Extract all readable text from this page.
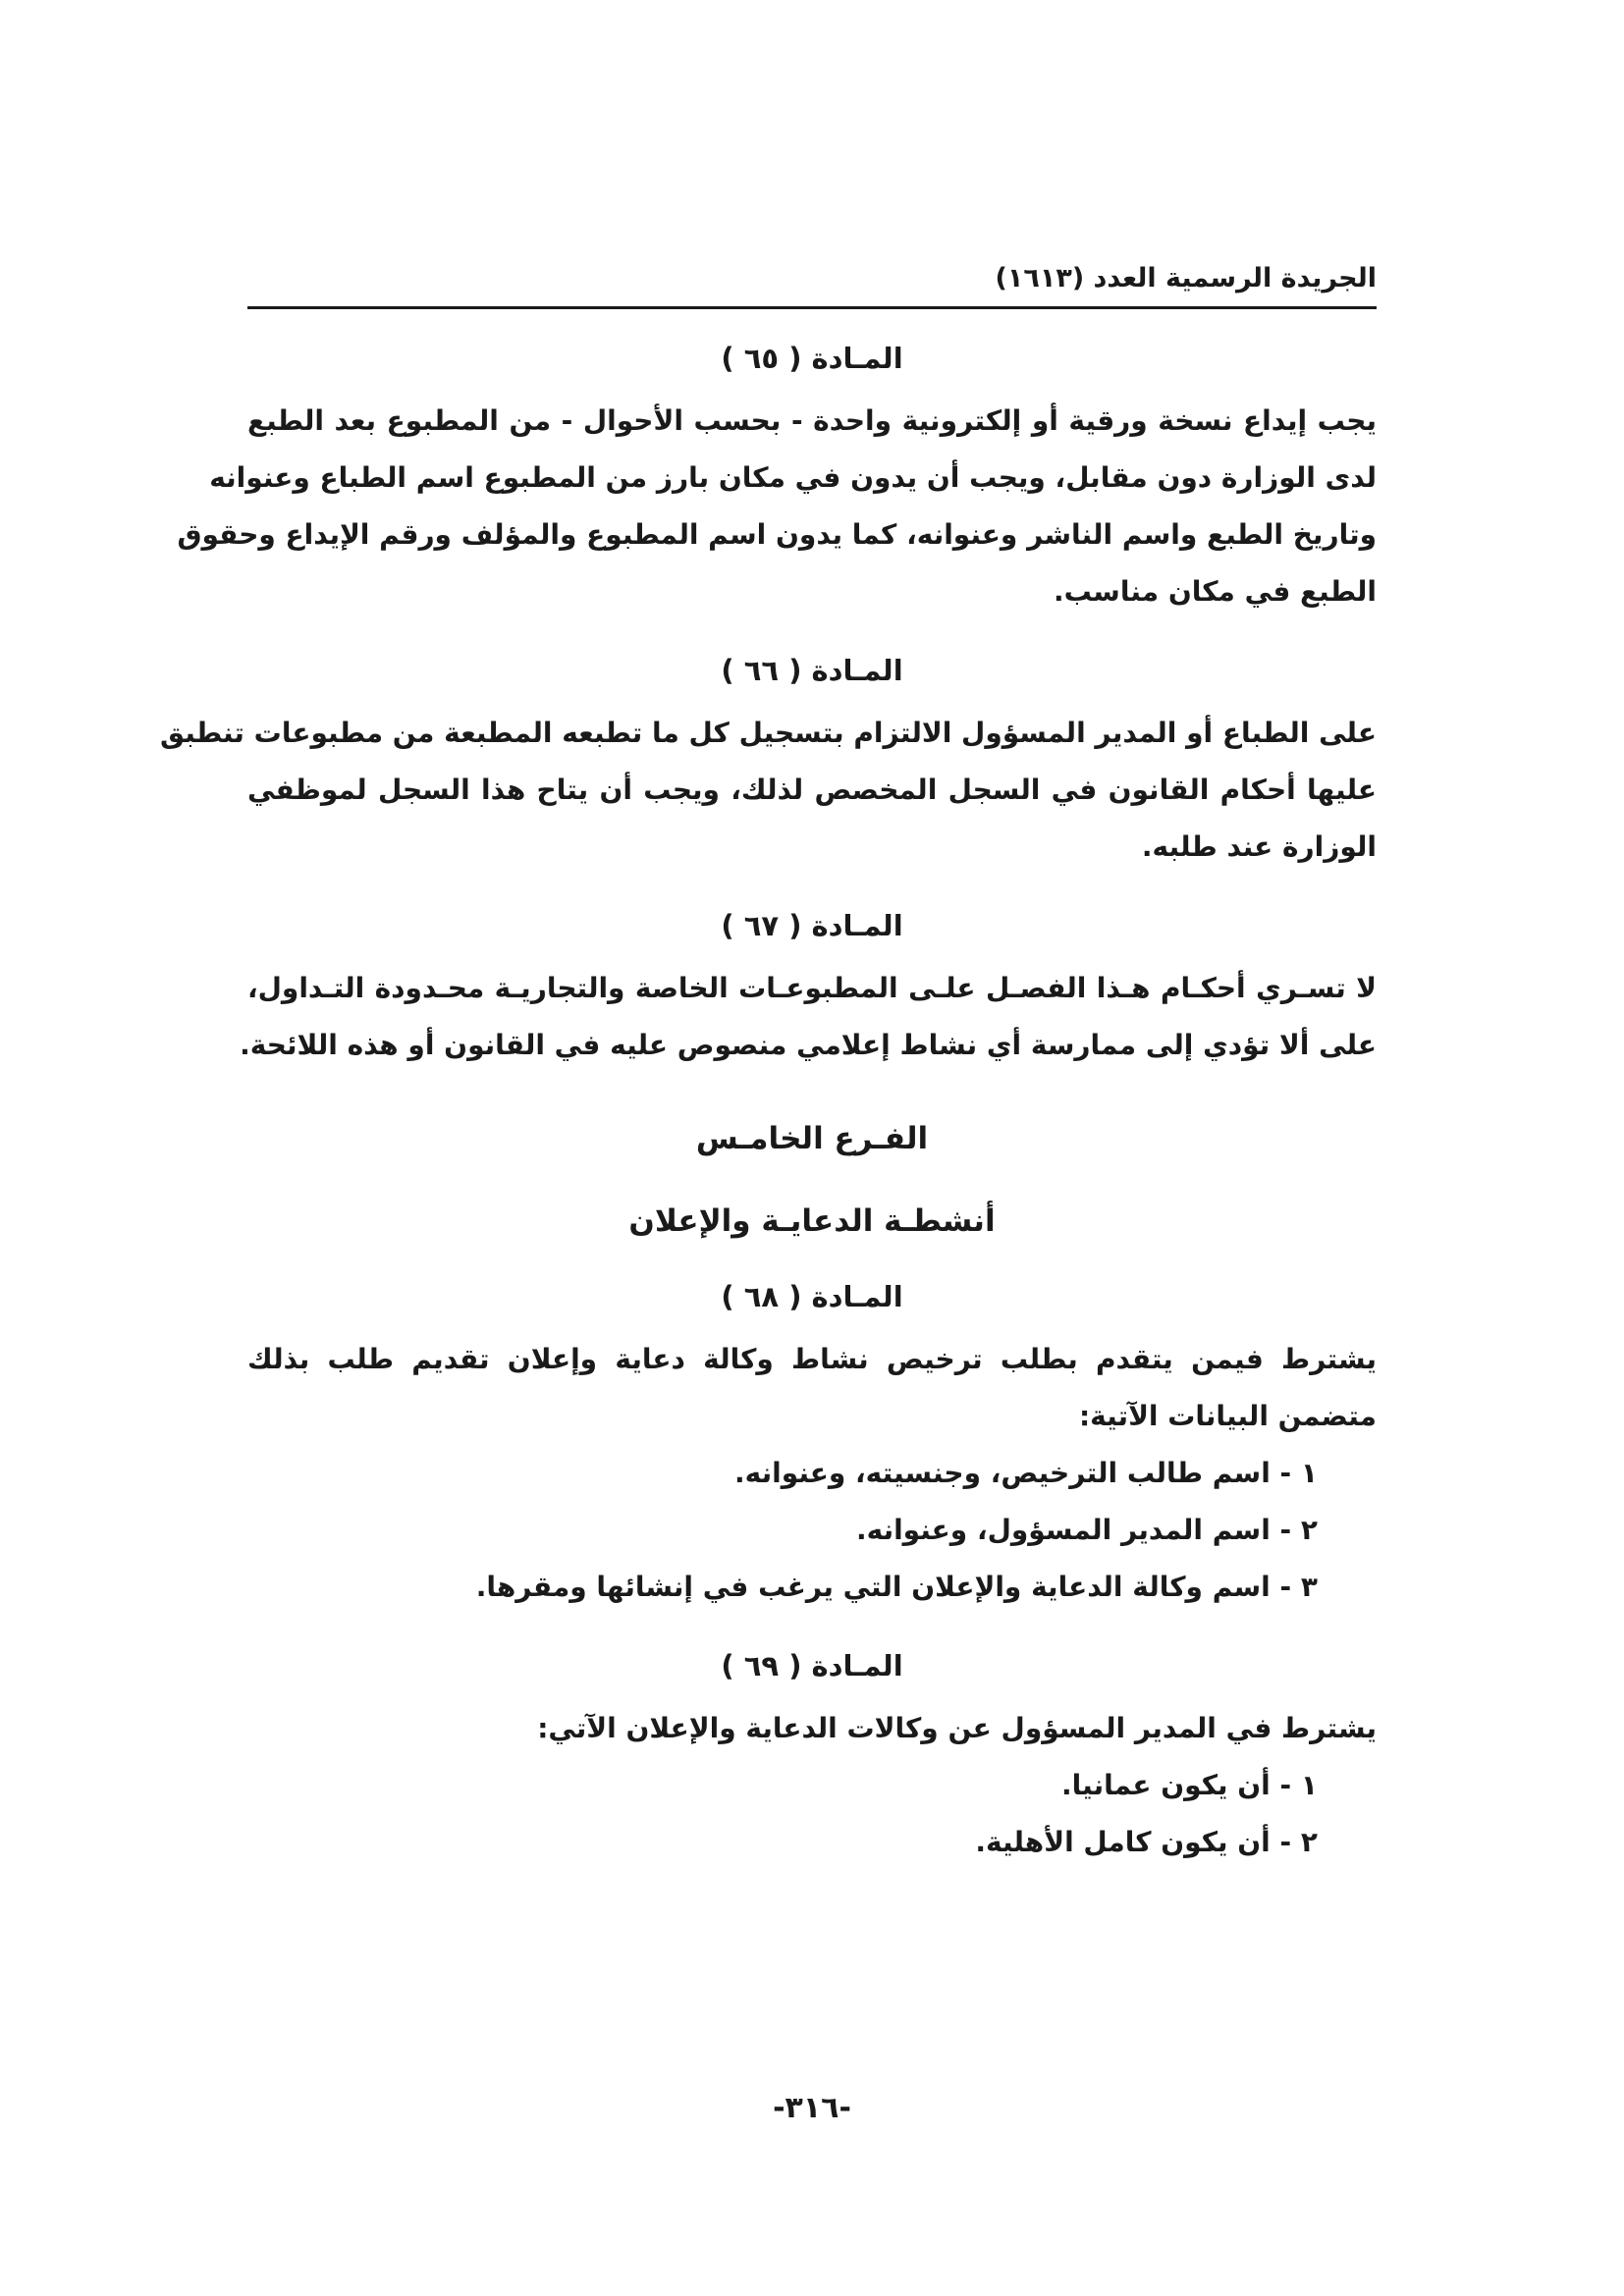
الجريدة الرسمية العدد (١٦١٣)
المـادة ( ٦٥ )
يجب إيداع نسخة ورقية أو إلكترونية واحدة - بحسب الأحوال - من المطبوع بعد الطبع
لدى الوزارة دون مقابل، ويجب أن يدون في مكان بارز من المطبوع اسم الطباع وعنوانه
وتاريخ الطبع واسم الناشر وعنوانه، كما يدون اسم المطبوع والمؤلف ورقم الإيداع وحقوق
الطبع في مكان مناسب.
المـادة ( ٦٦ )
على الطباع أو المدير المسؤول الالتزام بتسجيل كل ما تطبعه المطبعة من مطبوعات تنطبق
عليها أحكام القانون في السجل المخصص لذلك، ويجب أن يتاح هذا السجل لموظفي
الوزارة عند طلبه.
المـادة ( ٦٧ )
لا تسـري أحكـام هـذا الفصـل علـى المطبوعـات الخاصة والتجاريـة محـدودة التـداول،
على ألا تؤدي إلى ممارسة أي نشاط إعلامي منصوص عليه في القانون أو هذه اللائحة.
الفـرع الخامـس
أنشطـة الدعايـة والإعلان
المـادة ( ٦٨ )
يشترط فيمن يتقدم بطلب ترخيص نشاط وكالة دعاية وإعلان تقديم طلب بذلك
متضمن البيانات الآتية:
١ - اسم طالب الترخيص، وجنسيته، وعنوانه.
٢ - اسم المدير المسؤول، وعنوانه.
٣ - اسم وكالة الدعاية والإعلان التي يرغب في إنشائها ومقرها.
المـادة ( ٦٩ )
يشترط في المدير المسؤول عن وكالات الدعاية والإعلان الآتي:
١ - أن يكون عمانيا.
٢ - أن يكون كامل الأهلية.
-٣١٦-
